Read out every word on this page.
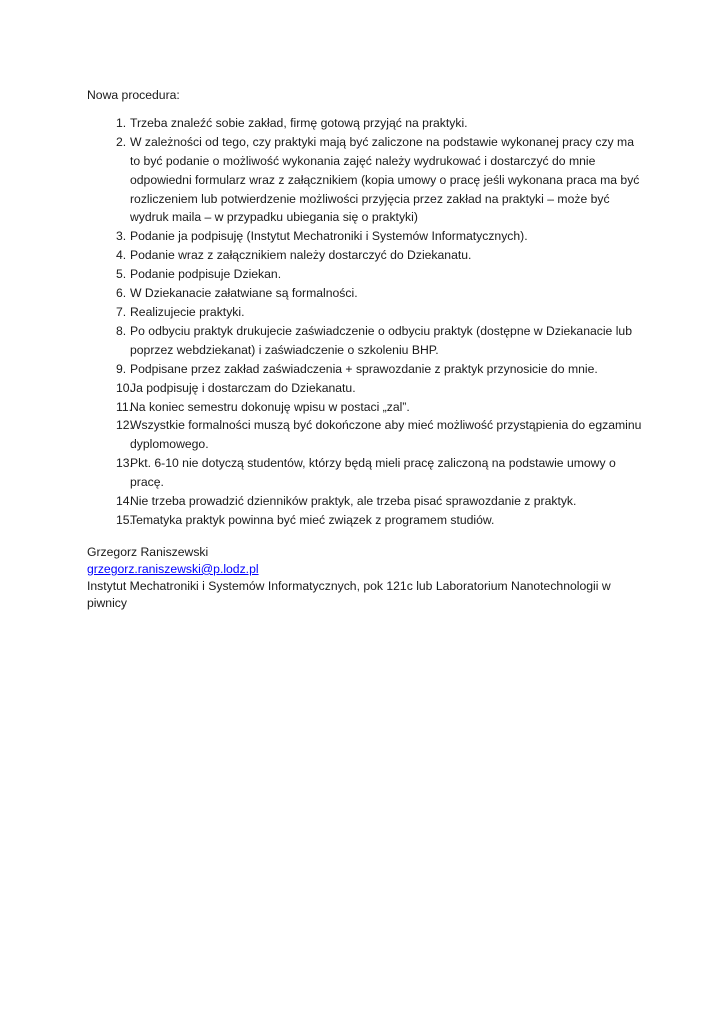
Nowa procedura:

1. Trzeba znaleźć sobie zakład, firmę gotową przyjąć na praktyki.
2. W zależności od tego, czy praktyki mają być zaliczone na podstawie wykonanej pracy czy ma to być podanie o możliwość wykonania zajęć należy wydrukować i dostarczyć do mnie odpowiedni formularz wraz z załącznikiem (kopia umowy o pracę jeśli wykonana praca ma być rozliczeniem lub potwierdzenie możliwości przyjęcia przez zakład na praktyki – może być wydruk maila – w przypadku ubiegania się o praktyki)
3. Podanie ja podpisuję (Instytut Mechatroniki i Systemów Informatycznych).
4. Podanie wraz z załącznikiem należy dostarczyć do Dziekanatu.
5. Podanie podpisuje Dziekan.
6. W Dziekanacie załatwiane są formalności.
7. Realizujecie praktyki.
8. Po odbyciu praktyk drukujecie zaświadczenie o odbyciu praktyk (dostępne w Dziekanacie lub poprzez webdziekanat) i zaświadczenie o szkoleniu BHP.
9. Podpisane przez zakład zaświadczenia + sprawozdanie z praktyk przynosicie do mnie.
10.
Ja podpisuję i dostarczam do Dziekanatu.
11.
Na koniec semestru dokonuję wpisu w postaci „zal”.
12.
Wszystkie formalności muszą być dokończone aby mieć możliwość przystąpienia do egzaminu dyplomowego.
13.
Pkt. 6-10 nie dotyczą studentów, którzy będą mieli pracę zaliczoną na podstawie umowy o pracę.
14.
Nie trzeba prowadzić dzienników praktyk, ale trzeba pisać sprawozdanie z praktyk.
15.
Tematyka praktyk powinna być mieć związek z programem studiów.
Grzegorz Raniszewski
grzegorz.raniszewski@p.lodz.pl
Instytut Mechatroniki i Systemów Informatycznych, pok 121c lub Laboratorium Nanotechnologii w piwnicy
